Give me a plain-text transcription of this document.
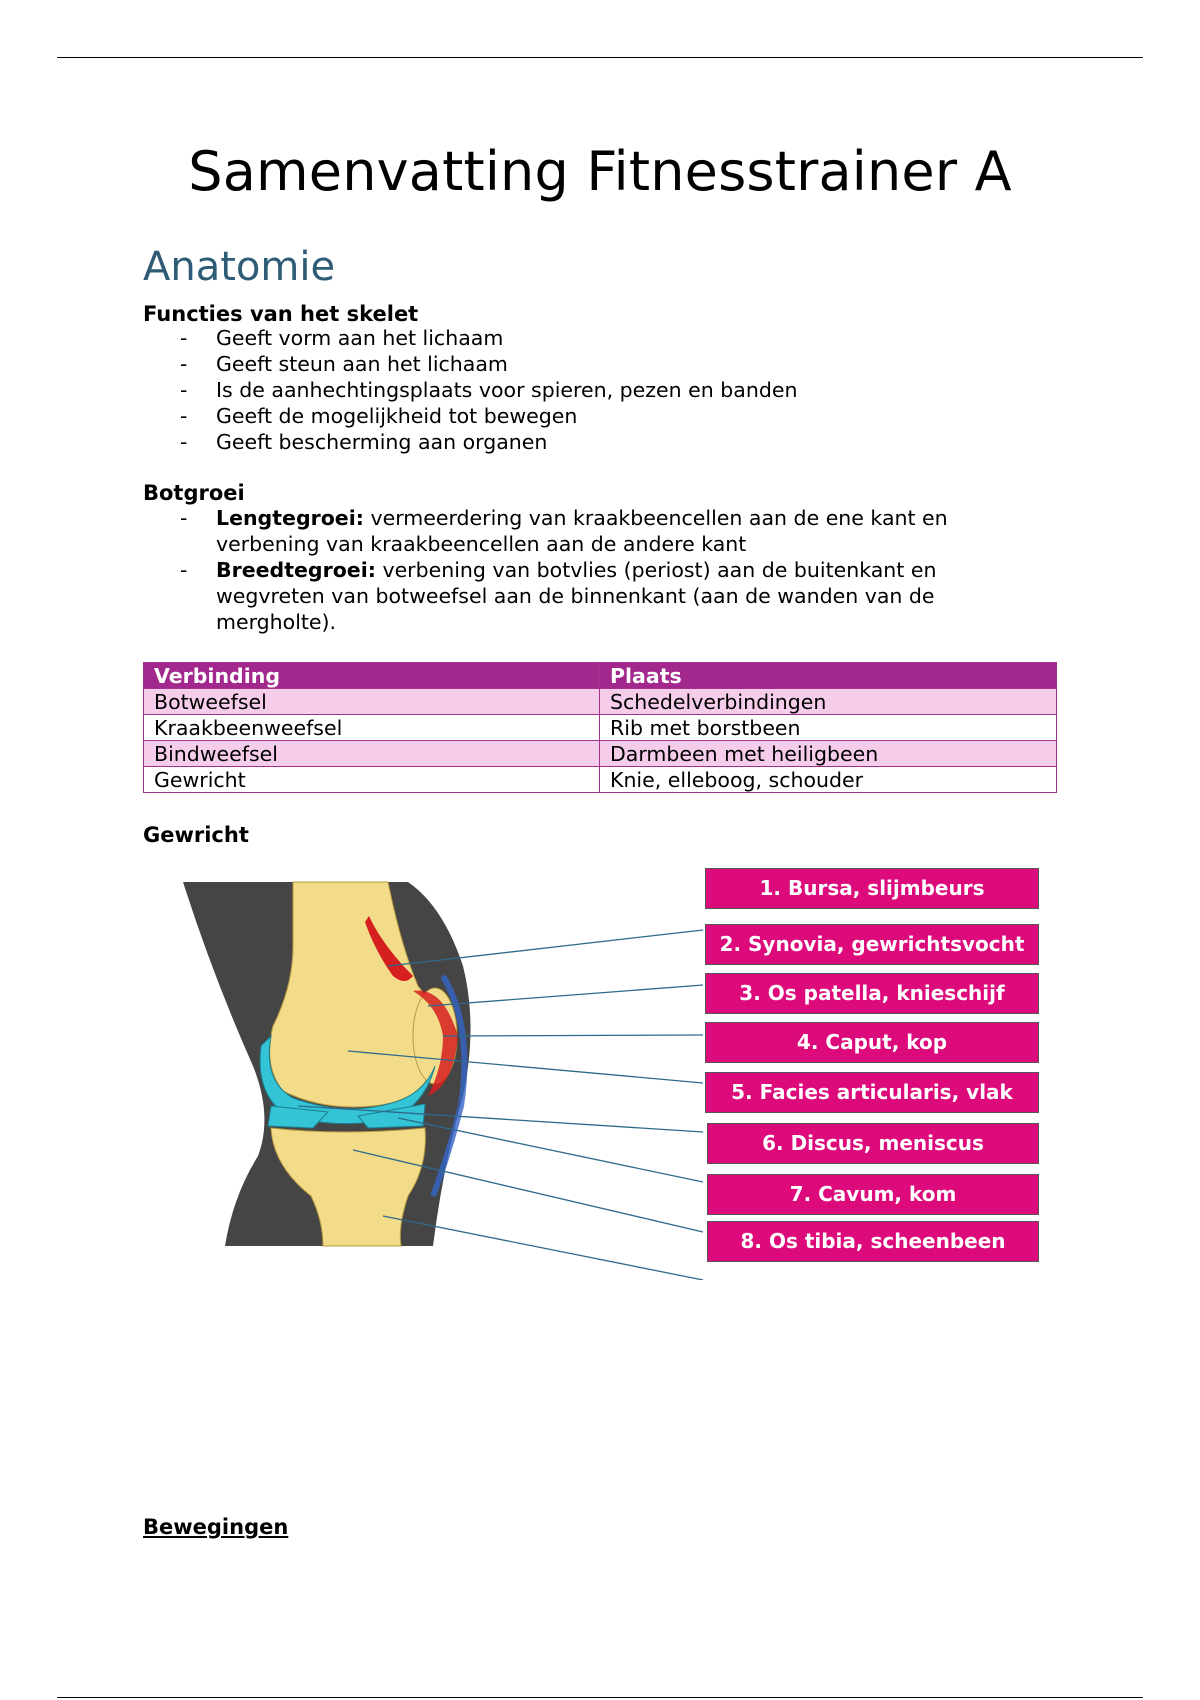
Samenvatting Fitnesstrainer A
Anatomie
Functies van het skelet
-	Geeft vorm aan het lichaam
-	Geeft steun aan het lichaam
-	Is de aanhechtingsplaats voor spieren, pezen en banden
-	Geeft de mogelijkheid tot bewegen
-	Geeft bescherming aan organen
Botgroei
-	Lengtegroei: vermeerdering van kraakbeencellen aan de ene kant en verbening van kraakbeencellen aan de andere kant
-	Breedtegroei: verbening van botvlies (periost) aan de buitenkant en wegvreten van botweefsel aan de binnenkant (aan de wanden van de mergholte).
Verbinding	Plaats
Botweefsel	Schedelverbindingen
Kraakbeenweefsel	Rib met borstbeen
Bindweefsel	Darmbeen met heiligbeen
Gewricht	Knie, elleboog, schouder
Gewricht
1. Bursa, slijmbeurs
2. Synovia, gewrichtsvocht
3. Os patella, knieschijf
4. Caput, kop
5. Facies articularis, vlak
6. Discus, meniscus
7. Cavum, kom
8. Os tibia, scheenbeen
Bewegingen
